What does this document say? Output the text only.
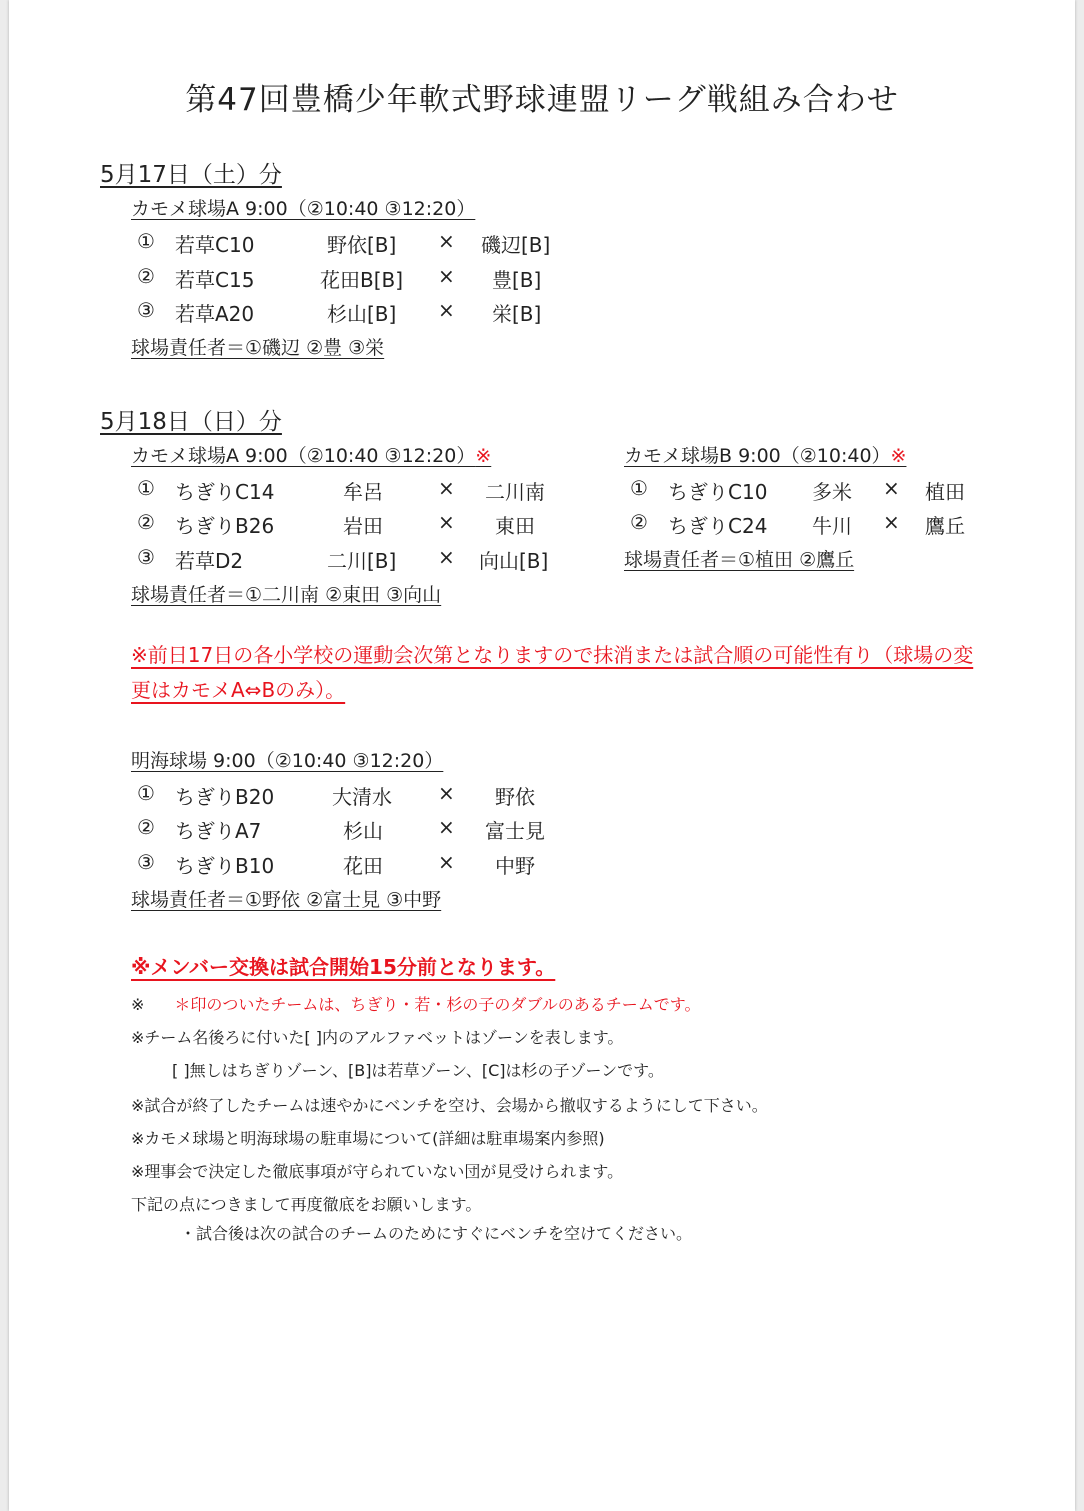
第47回豊橋少年軟式野球連盟リーグ戦組み合わせ
5月17日（土）分
カモメ球場A 9:00（②10:40 ③12:20）
① 若草C10	野依[B] × 磯辺[B]
② 若草C15	花田B[B] × 豊[B]
③ 若草A20	杉山[B] × 栄[B]
球場責任者＝①磯辺 ②豊 ③栄
5月18日（日）分
カモメ球場A 9:00（②10:40 ③12:20）※
① ちぎりC14	牟呂	× 二川南
② ちぎりB26	岩田	× 東田
③ 若草D2	二川[B] × 向山[B]
球場責任者＝①二川南 ②東田 ③向山
カモメ球場B 9:00（②10:40）※
① ちぎりC10 多米 × 植田
② ちぎりC24 牛川 × 鷹丘
球場責任者＝①植田 ②鷹丘
※前日17日の各小学校の運動会次第となりますので抹消または試合順の可能性有り（球場の変更はカモメA⇔Bのみ）。
明海球場 9:00（②10:40 ③12:20）
① ちぎりB20	大清水 × 野依
② ちぎりA7	杉山	× 富士見
③ ちぎりB10	花田	× 中野
球場責任者＝①野依 ②富士見 ③中野
※メンバー交換は試合開始15分前となります。
※ ＊印のついたチームは、ちぎり・若・杉の子のダブルのあるチームです。
※チーム名後ろに付いた[ ]内のアルファベットはゾーンを表します。
[ ]無しはちぎりゾーン、[B]は若草ゾーン、[C]は杉の子ゾーンです。
※試合が終了したチームは速やかにベンチを空け、会場から撤収するようにして下さい。
※カモメ球場と明海球場の駐車場について(詳細は駐車場案内参照)
※理事会で決定した徹底事項が守られていない団が見受けられます。
下記の点につきまして再度徹底をお願いします。
・試合後は次の試合のチームのためにすぐにベンチを空けてください。
